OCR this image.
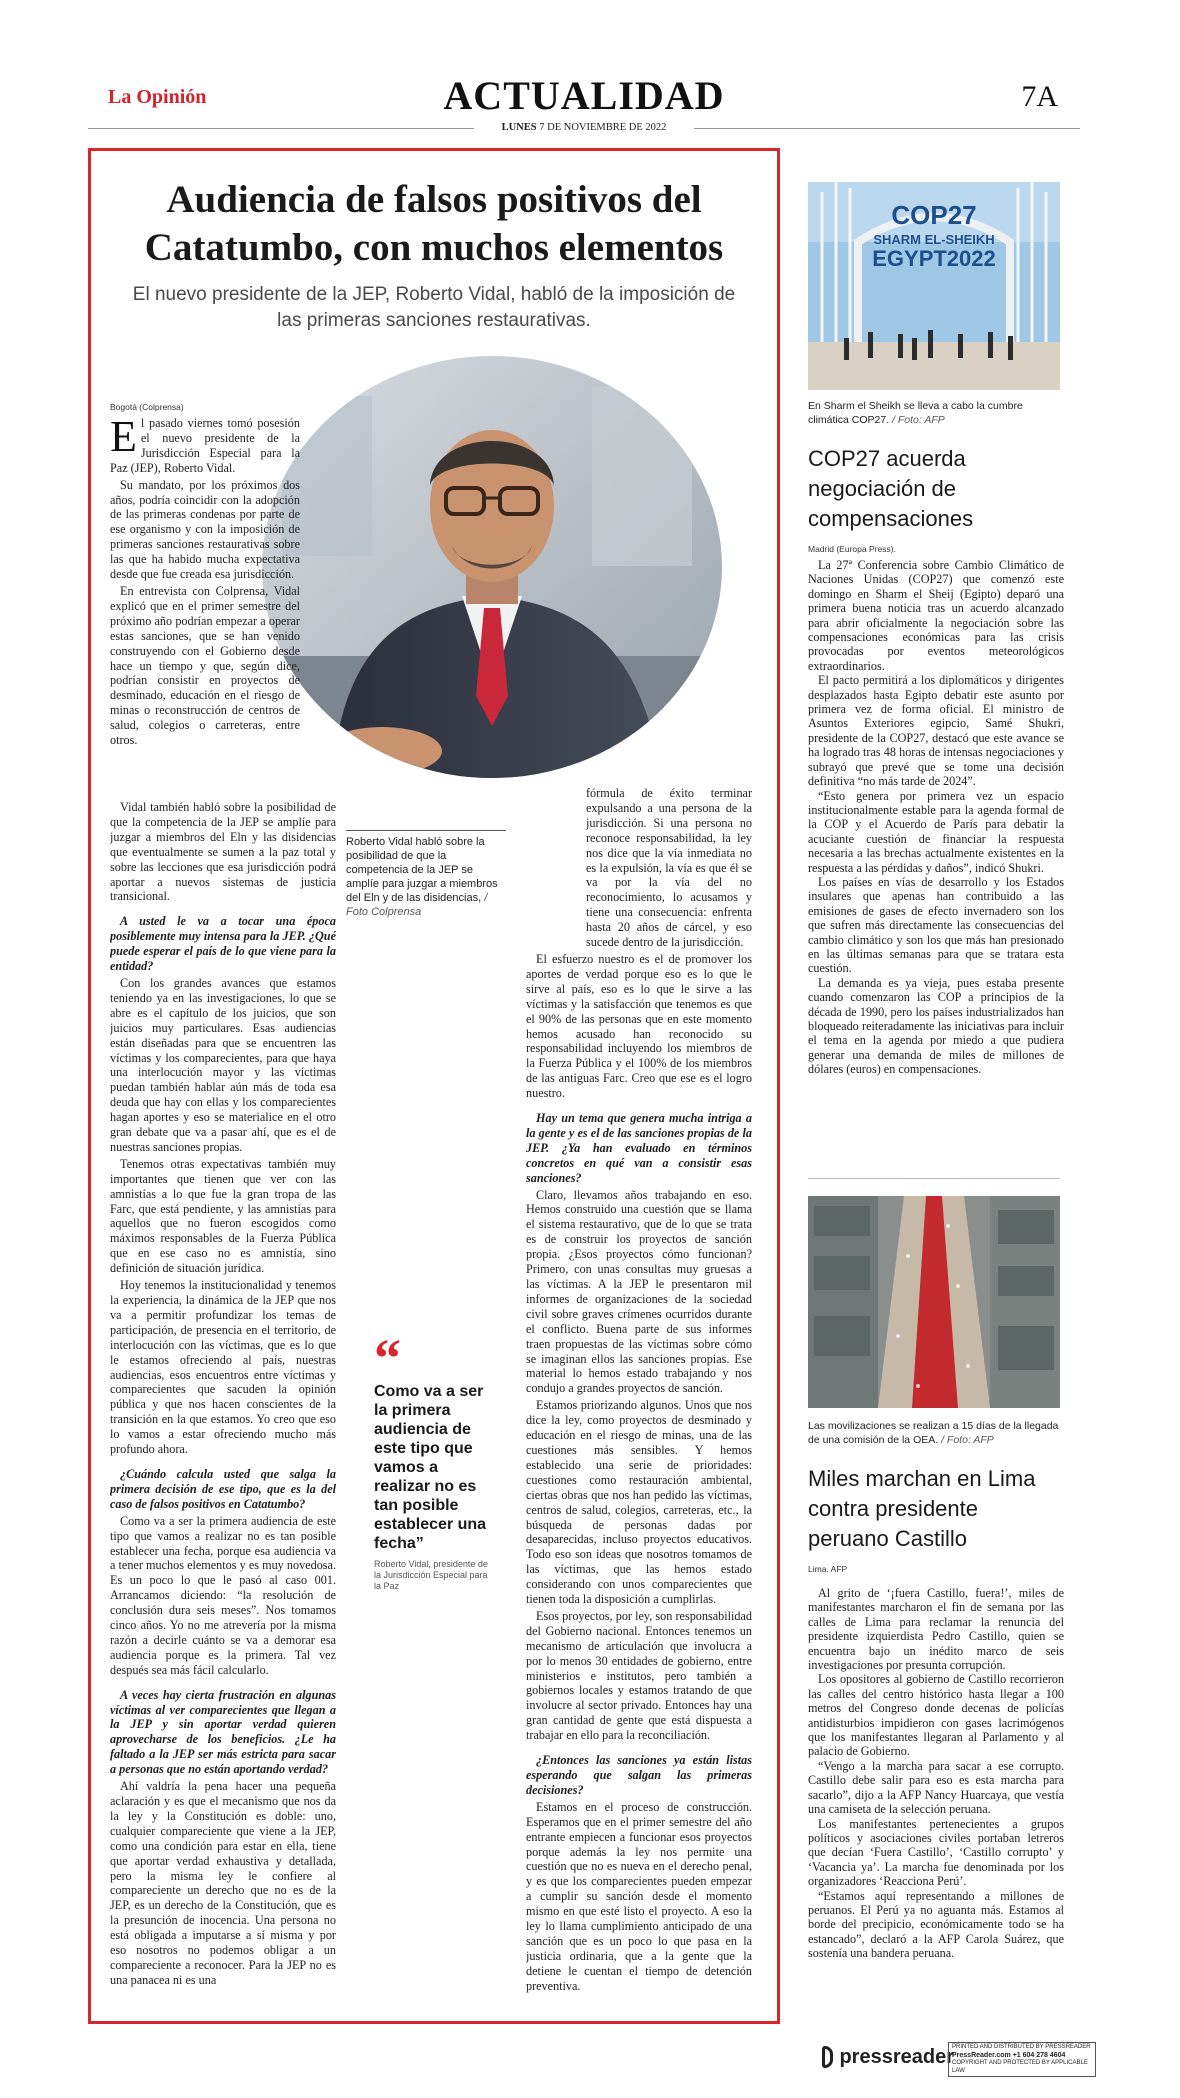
La Opinión	ACTUALIDAD	7A
LUNES 7 DE NOVIEMBRE DE 2022
Audiencia de falsos positivos del Catatumbo, con muchos elementos
El nuevo presidente de la JEP, Roberto Vidal, habló de la imposición de las primeras sanciones restaurativas.
Bogotá (Colprensa)

El pasado viernes tomó posesión el nuevo presidente de la Jurisdicción Especial para la Paz (JEP), Roberto Vidal.

Su mandato, por los próximos dos años, podría coincidir con la adopción de las primeras condenas por parte de ese organismo y con la imposición de primeras sanciones restaurativas sobre las que ha habido mucha expectativa desde que fue creada esa jurisdicción.

En entrevista con Colprensa, Vidal explicó que en el primer semestre del próximo año podrían empezar a operar estas sanciones, que se han venido construyendo con el Gobierno desde hace un tiempo y que, según dice, podrían consistir en proyectos de desminado, educación en el riesgo de minas o reconstrucción de centros de salud, colegios o carreteras, entre otros.

Vidal también habló sobre la posibilidad de que la competencia de la JEP se amplíe para juzgar a miembros del Eln y las disidencias que eventualmente se sumen a la paz total y sobre las lecciones que esa jurisdicción podrá aportar a nuevos sistemas de justicia transicional.

A usted le va a tocar una época posiblemente muy intensa para la JEP. ¿Qué puede esperar el país de lo que viene para la entidad?

Con los grandes avances que estamos teniendo ya en las investigaciones, lo que se abre es el capítulo de los juicios, que son juicios muy particulares. Esas audiencias están diseñadas para que se encuentren las víctimas y los comparecientes, para que haya una interlocución mayor y las víctimas puedan también hablar aún más de toda esa deuda que hay con ellas y los comparecientes hagan aportes y eso se materialice en el otro gran debate que va a pasar ahí, que es el de nuestras sanciones propias.

Tenemos otras expectativas también muy importantes que tienen que ver con las amnistías a lo que fue la gran tropa de las Farc, que está pendiente, y las amnistías para aquellos que no fueron escogidos como máximos responsables de la Fuerza Pública que en ese caso no es amnistía, sino definición de situación jurídica.

Hoy tenemos la institucionalidad y tenemos la experiencia, la dinámica de la JEP que nos va a permitir profundizar los temas de participación, de presencia en el territorio, de interlocución con las víctimas, que es lo que le estamos ofreciendo al país, nuestras audiencias, esos encuentros entre víctimas y comparecientes que sacuden la opinión pública y que nos hacen conscientes de la transición en la que estamos. Yo creo que eso lo vamos a estar ofreciendo mucho más profundo ahora.

¿Cuándo calcula usted que salga la primera decisión de ese tipo, que es la del caso de falsos positivos en Catatumbo?

Como va a ser la primera audiencia de este tipo que vamos a realizar no es tan posible establecer una fecha, porque esa audiencia va a tener muchos elementos y es muy novedosa. Es un poco lo que le pasó al caso 001. Arrancamos diciendo: “la resolución de conclusión dura seis meses”. Nos tomamos cinco años. Yo no me atrevería por la misma razón a decirle cuánto se va a demorar esa audiencia porque es la primera. Tal vez después sea más fácil calcularlo.

A veces hay cierta frustración en algunas víctimas al ver comparecientes que llegan a la JEP y sin aportar verdad quieren aprovecharse de los beneficios. ¿Le ha faltado a la JEP ser más estricta para sacar a personas que no están aportando verdad?

Ahí valdría la pena hacer una pequeña aclaración y es que el mecanismo que nos da la ley y la Constitución es doble: uno, cualquier compareciente que viene a la JEP, como una condición para estar en ella, tiene que aportar verdad exhaustiva y detallada, pero la misma ley le confiere al compareciente un derecho que no es de la JEP, es un derecho de la Constitución, que es la presunción de inocencia. Una persona no está obligada a imputarse a sí misma y por eso nosotros no podemos obligar a un compareciente a reconocer. Para la JEP no es una panacea ni es una

Roberto Vidal habló sobre la posibilidad de que la competencia de la JEP se amplíe para juzgar a miembros del Eln y de las disidencias, / Foto Colprensa
“
Como va a ser la primera audiencia de este tipo que vamos a realizar no es tan posible establecer una fecha”
Roberto Vidal, presidente de la Jurisdicción Especial para la Paz

fórmula de éxito terminar expulsando a una persona de la jurisdicción. Si una persona no reconoce responsabilidad, la ley nos dice que la vía inmediata no es la expulsión, la vía es que él se va por la vía del no reconocimiento, lo acusamos y tiene una consecuencia: enfrenta hasta 20 años de cárcel, y eso sucede dentro de la jurisdicción.

El esfuerzo nuestro es el de promover los aportes de verdad porque eso es lo que le sirve al país, eso es lo que le sirve a las víctimas y la satisfacción que tenemos es que el 90% de las personas que en este momento hemos acusado han reconocido su responsabilidad incluyendo los miembros de la Fuerza Pública y el 100% de los miembros de las antiguas Farc. Creo que ese es el logro nuestro.

Hay un tema que genera mucha intriga a la gente y es el de las sanciones propias de la JEP. ¿Ya han evaluado en términos concretos en qué van a consistir esas sanciones?

Claro, llevamos años trabajando en eso. Hemos construido una cuestión que se llama el sistema restaurativo, que de lo que se trata es de construir los proyectos de sanción propia. ¿Esos proyectos cómo funcionan? Primero, con unas consultas muy gruesas a las víctimas. A la JEP le presentaron mil informes de organizaciones de la sociedad civil sobre graves crímenes ocurridos durante el conflicto. Buena parte de sus informes traen propuestas de las víctimas sobre cómo se imaginan ellos las sanciones propias. Ese material lo hemos estado trabajando y nos condujo a grandes proyectos de sanción.

Estamos priorizando algunos. Unos que nos dice la ley, como proyectos de desminado y educación en el riesgo de minas, una de las cuestiones más sensibles. Y hemos establecido una serie de prioridades: cuestiones como restauración ambiental, ciertas obras que nos han pedido las víctimas, centros de salud, colegios, carreteras, etc., la búsqueda de personas dadas por desaparecidas, incluso proyectos educativos. Todo eso son ideas que nosotros tomamos de las víctimas, que las hemos estado considerando con unos comparecientes que tienen toda la disposición a cumplirlas.

Esos proyectos, por ley, son responsabilidad del Gobierno nacional. Entonces tenemos un mecanismo de articulación que involucra a por lo menos 30 entidades de gobierno, entre ministerios e institutos, pero también a gobiernos locales y estamos tratando de que involucre al sector privado. Entonces hay una gran cantidad de gente que está dispuesta a trabajar en ello para la reconciliación.

¿Entonces las sanciones ya están listas esperando que salgan las primeras decisiones?

Estamos en el proceso de construcción. Esperamos que en el primer semestre del año entrante empiecen a funcionar esos proyectos porque además la ley nos permite una cuestión que no es nueva en el derecho penal, y es que los comparecientes pueden empezar a cumplir su sanción desde el momento mismo en que esté listo el proyecto. A eso la ley lo llama cumplimiento anticipado de una sanción que es un poco lo que pasa en la justicia ordinaria, que a la gente que la detiene le cuentan el tiempo de detención preventiva.

COP27
SHARM EL-SHEIKH
EGYPT2022
En Sharm el Sheikh se lleva a cabo la cumbre climática COP27. / Foto: AFP
COP27 acuerda negociación de compensaciones
Madrid (Europa Press).

La 27ª Conferencia sobre Cambio Climático de Naciones Unidas (COP27) que comenzó este domingo en Sharm el Sheij (Egipto) deparó una primera buena noticia tras un acuerdo alcanzado para abrir oficialmente la negociación sobre las compensaciones económicas para las crisis provocadas por eventos meteorológicos extraordinarios.

El pacto permitirá a los diplomáticos y dirigentes desplazados hasta Egipto debatir este asunto por primera vez de forma oficial. El ministro de Asuntos Exteriores egipcio, Samé Shukri, presidente de la COP27, destacó que este avance se ha logrado tras 48 horas de intensas negociaciones y subrayó que prevé que se tome una decisión definitiva “no más tarde de 2024”.

“Esto genera por primera vez un espacio institucionalmente estable para la agenda formal de la COP y el Acuerdo de París para debatir la acuciante cuestión de financiar la respuesta necesaria a las brechas actualmente existentes en la respuesta a las pérdidas y daños”, indicó Shukri.

Los países en vías de desarrollo y los Estados insulares que apenas han contribuido a las emisiones de gases de efecto invernadero son los que sufren más directamente las consecuencias del cambio climático y son los que más han presionado en las últimas semanas para que se tratara esta cuestión.

La demanda es ya vieja, pues estaba presente cuando comenzaron las COP a principios de la década de 1990, pero los países industrializados han bloqueado reiteradamente las iniciativas para incluir el tema en la agenda por miedo a que pudiera generar una demanda de miles de millones de dólares (euros) en compensaciones.

Las movilizaciones se realizan a 15 días de la llegada de una comisión de la OEA. / Foto: AFP
Miles marchan en Lima contra presidente peruano Castillo
Lima. AFP

Al grito de ‘¡fuera Castillo, fuera!’, miles de manifestantes marcharon el fin de semana por las calles de Lima para reclamar la renuncia del presidente izquierdista Pedro Castillo, quien se encuentra bajo un inédito marco de seis investigaciones por presunta corrupción.

Los opositores al gobierno de Castillo recorrieron las calles del centro histórico hasta llegar a 100 metros del Congreso donde decenas de policías antidisturbios impidieron con gases lacrimógenos que los manifestantes llegaran al Parlamento y al palacio de Gobierno.

“Vengo a la marcha para sacar a ese corrupto. Castillo debe salir para eso es esta marcha para sacarlo”, dijo a la AFP Nancy Huarcaya, que vestía una camiseta de la selección peruana.

Los manifestantes pertenecientes a grupos políticos y asociaciones civiles portaban letreros que decían ‘Fuera Castillo’, ‘Castillo corrupto’ y ‘Vacancia ya’. La marcha fue denominada por los organizadores ‘Reacciona Perú’.

“Estamos aquí representando a millones de peruanos. El Perú ya no aguanta más. Estamos al borde del precipicio, económicamente todo se ha estancado”, declaró a la AFP Carola Suárez, que sostenía una bandera peruana.

pressreader
PRINTED AND DISTRIBUTED BY PRESSREADER
PressReader.com +1 604 278 4604
COPYRIGHT AND PROTECTED BY APPLICABLE LAW
